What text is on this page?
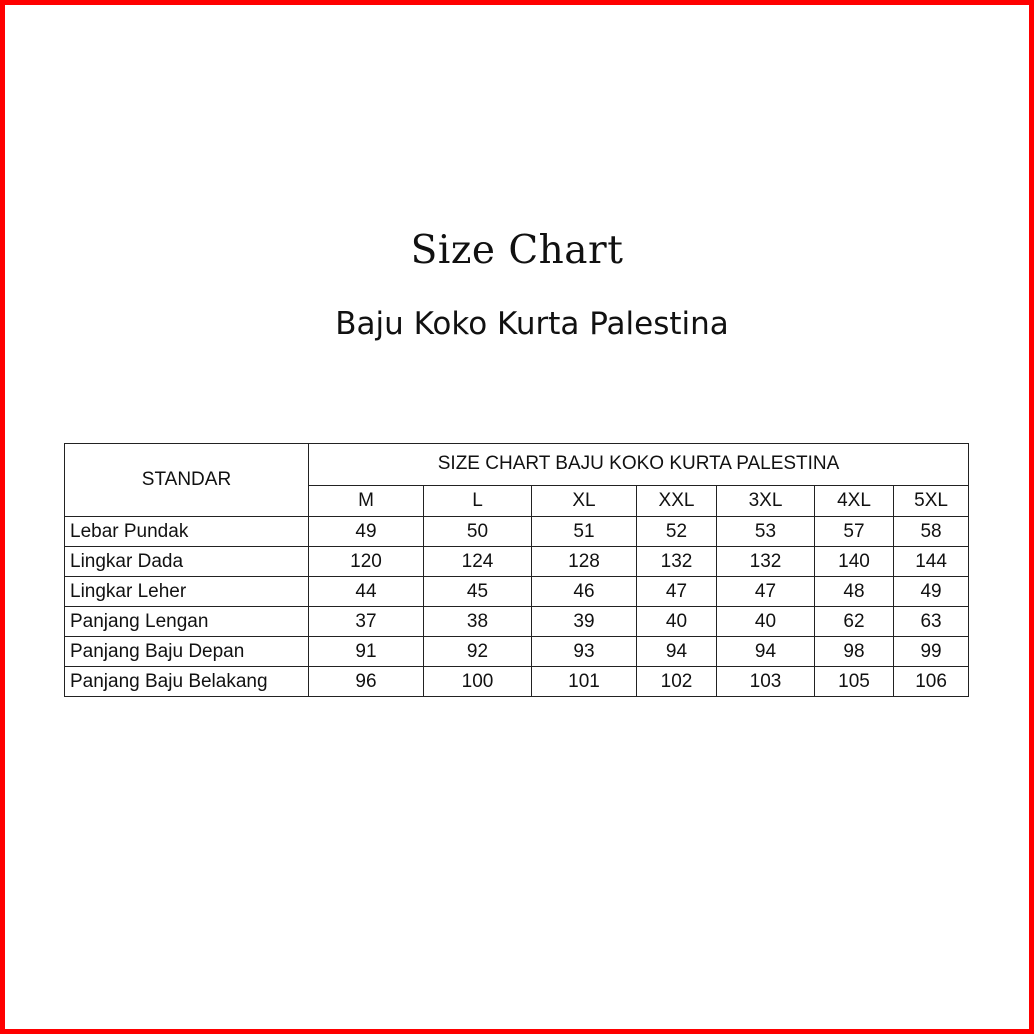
Size Chart
Baju Koko Kurta Palestina
STANDAR	SIZE CHART BAJU KOKO KURTA PALESTINA						
	M	L	XL	XXL	3XL	4XL	5XL
Lebar Pundak	49	50	51	52	53	57	58
Lingkar Dada	120	124	128	132	132	140	144
Lingkar Leher	44	45	46	47	47	48	49
Panjang Lengan	37	38	39	40	40	62	63
Panjang Baju Depan	91	92	93	94	94	98	99
Panjang Baju Belakang	96	100	101	102	103	105	106
